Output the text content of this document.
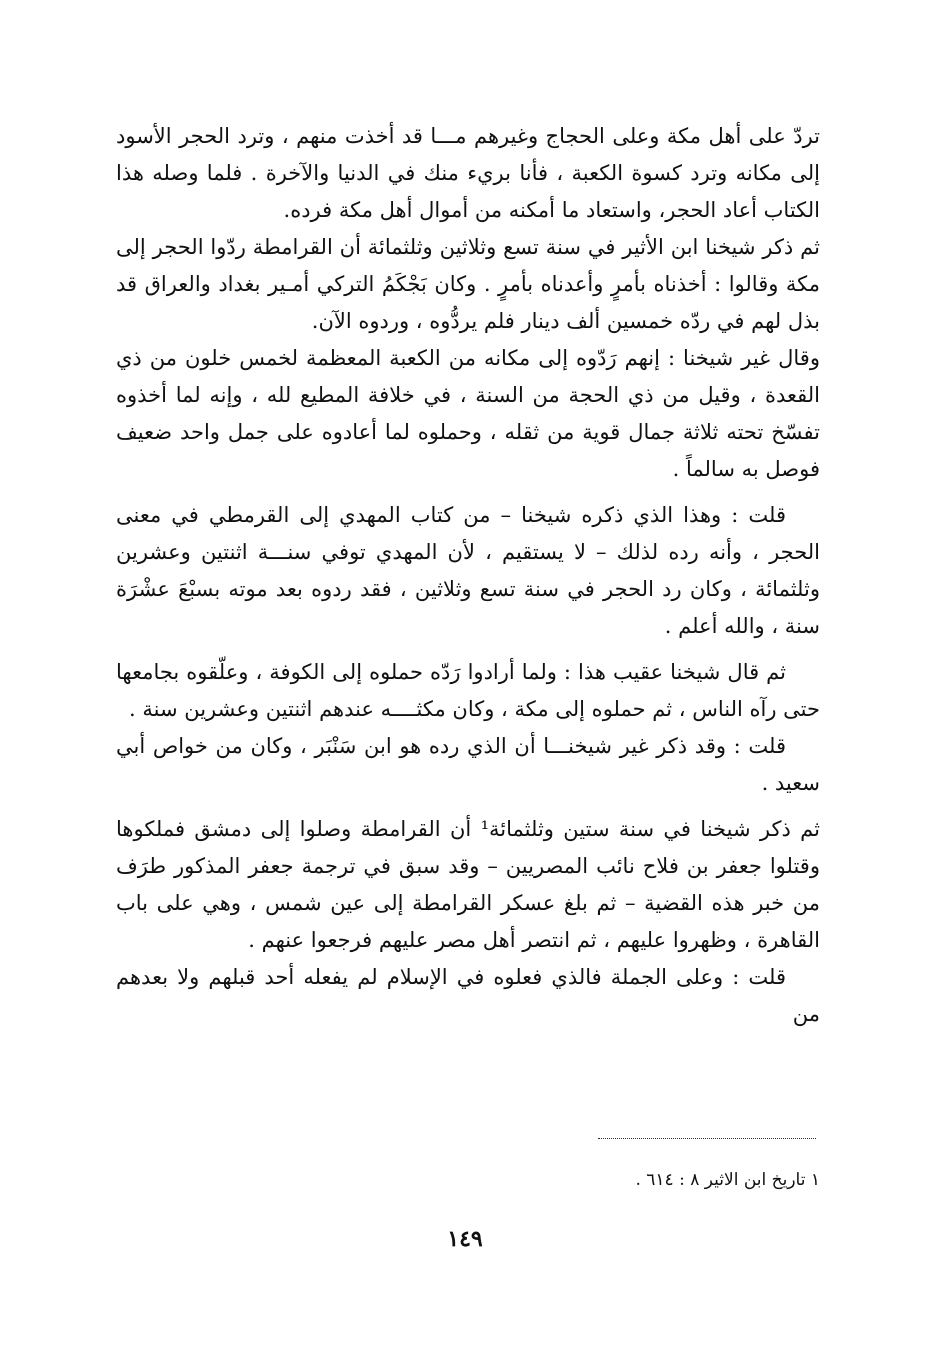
تردّ على أهل مكة وعلى الحجاج وغيرهم مـــا قد أخذت منهم ، وترد الحجر الأسود إلى مكانه وترد كسوة الكعبة ، فأنا بريء منك في الدنيا والآخرة . فلما وصله هذا الكتاب أعاد الحجر، واستعاد ما أمكنه من أموال أهل مكة فرده.

ثم ذكر شيخنا ابن الأثير في سنة تسع وثلاثين وثلثمائة أن القرامطة ردّوا الحجر إلى مكة وقالوا : أخذناه بأمرٍ وأعدناه بأمرٍ . وكان بَجْكَمُ التركي أمـير بغداد والعراق قد بذل لهم في ردّه خمسين ألف دينار فلم يردُّوه ، وردوه الآن.

وقال غير شيخنا : إنهم رَدّوه إلى مكانه من الكعبة المعظمة لخمس خلون من ذي القعدة ، وقيل من ذي الحجة من السنة ، في خلافة المطيع لله ، وإنه لما أخذوه تفسّخ تحته ثلاثة جمال قوية من ثقله ، وحملوه لما أعادوه على جمل واحد ضعيف فوصل به سالماً .

قلت : وهذا الذي ذكره شيخنا – من كتاب المهدي إلى القرمطي في معنى الحجر ، وأنه رده لذلك – لا يستقيم ، لأن المهدي توفي سنـــة اثنتين وعشرين وثلثمائة ، وكان رد الحجر في سنة تسع وثلاثين ، فقد ردوه بعد موته بسبْعَ عشْرَة سنة ، والله أعلم .

ثم قال شيخنا عقيب هذا : ولما أرادوا رَدّه حملوه إلى الكوفة ، وعلّقوه بجامعها حتى رآه الناس ، ثم حملوه إلى مكة ، وكان مكثــــه عندهم اثنتين وعشرين سنة .

قلت : وقد ذكر غير شيخنـــا أن الذي رده هو ابن سَنْبَر ، وكان من خواص أبي سعيد .

ثم ذكر شيخنا في سنة ستين وثلثمائة¹ أن القرامطة وصلوا إلى دمشق فملكوها وقتلوا جعفر بن فلاح نائب المصريين – وقد سبق في ترجمة جعفر المذكور طرَف من خبر هذه القضية – ثم بلغ عسكر القرامطة إلى عين شمس ، وهي على باب القاهرة ، وظهروا عليهم ، ثم انتصر أهل مصر عليهم فرجعوا عنهم .

قلت : وعلى الجملة فالذي فعلوه في الإسلام لم يفعله أحد قبلهم ولا بعدهم من

١ تاريخ ابن الاثير ٨ : ٦١٤ .
١٤٩
